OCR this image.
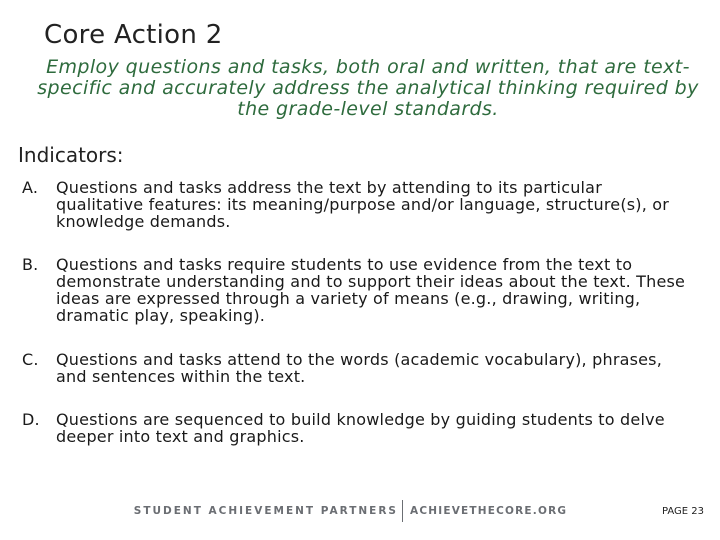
Core Action 2
Employ questions and tasks, both oral and written, that are text-specific and accurately address the analytical thinking required by the grade-level standards.
Indicators:
A. Questions and tasks address the text by attending to its particular qualitative features: its meaning/purpose and/or language, structure(s), or knowledge demands.
B. Questions and tasks require students to use evidence from the text to demonstrate understanding and to support their ideas about the text. These ideas are expressed through a variety of means (e.g., drawing, writing, dramatic play, speaking).
C. Questions and tasks attend to the words (academic vocabulary), phrases, and sentences within the text.
D. Questions are sequenced to build knowledge by guiding students to delve deeper into text and graphics.
STUDENT ACHIEVEMENT PARTNERS ACHIEVETHECORE.ORG	PAGE 23
